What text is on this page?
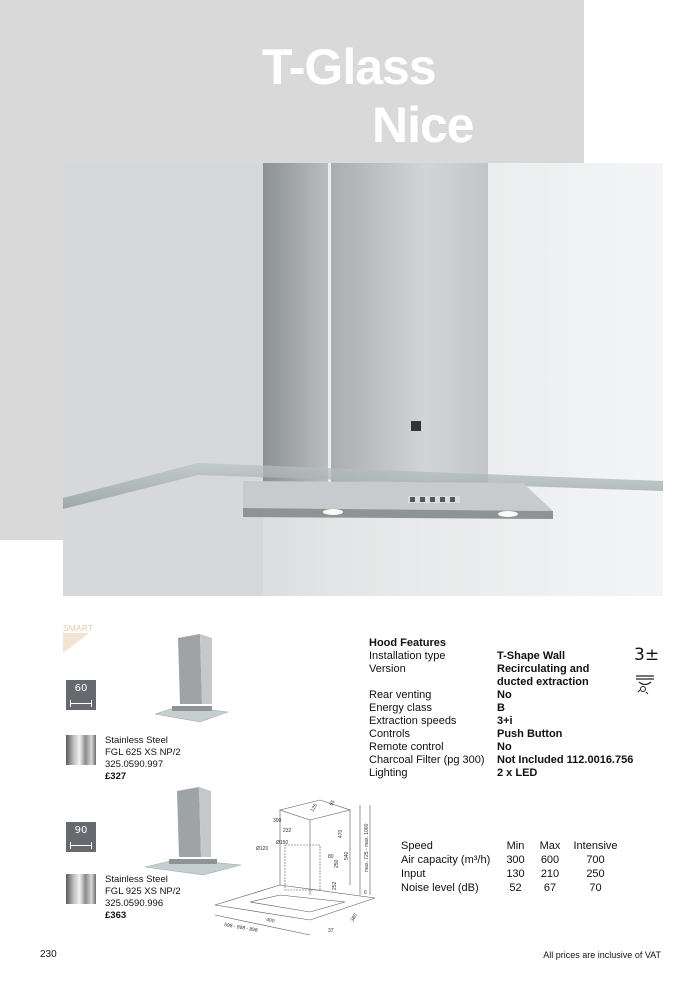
T-Glass
Nice
SMART
60
Stainless Steel
FGL 625 XS NP/2
325.0590.997
£327
90
Stainless Steel
FGL 925 XS NP/2
325.0590.996
£363
300
232
Ø150
Ø120
125 65
470	max. 725 - max. 1000
540
250
80
252
6
400
598 - 898 - 898	37
380
Hood Features
Installation type	T-Shape Wall
Version	Recirculating and ducted extraction
Rear venting	No
Energy class	B
Extraction speeds	3+i
Controls	Push Button
Remote control	No
Charcoal Filter (pg 300)	Not Included 112.0016.756
Lighting	2 x LED
3±
Speed	Min	Max	Intensive
Air capacity (m³/h)	300	600	700
Input	130	210	250
Noise level (dB)	52	67	70
230	All prices are inclusive of VAT
